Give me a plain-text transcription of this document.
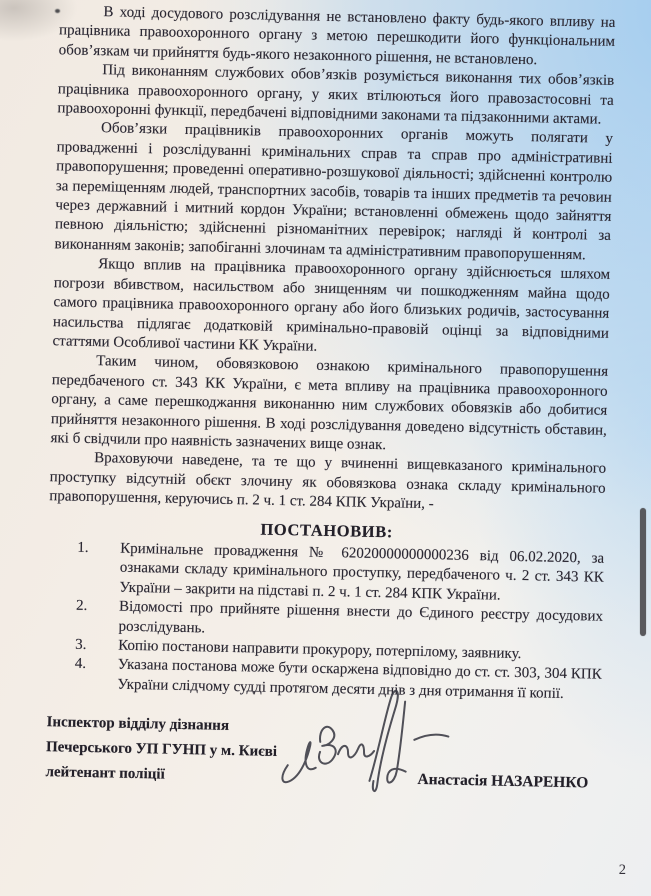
В ході досудового розслідування не встановлено факту будь-якого впливу на працівника правоохоронного органу з метою перешкодити його функціональним обов’язкам чи прийняття будь-якого незаконного рішення, не встановлено.

Під виконанням службових обов’язків розуміється виконання тих обов’язків працівника правоохоронного органу, у яких втілюються його правозастосовні та правоохоронні функції, передбачені відповідними законами та підзаконними актами.

Обов’язки працівників правоохоронних органів можуть полягати у провадженні і розслідуванні кримінальних справ та справ про адміністративні правопорушення; проведенні оперативно-розшукової діяльності; здійсненні контролю за переміщенням людей, транспортних засобів, товарів та інших предметів та речовин через державний і митний кордон України; встановленні обмежень щодо зайняття певною діяльністю; здійсненні різноманітних перевірок; нагляді й контролі за виконанням законів; запобіганні злочинам та адміністративним правопорушенням.

Якщо вплив на працівника правоохоронного органу здійснюється шляхом погрози вбивством, насильством або знищенням чи пошкодженням майна щодо самого працівника правоохоронного органу або його близьких родичів, застосування насильства підлягає додатковій кримінально-правовій оцінці за відповідними статтями Особливої частини КК України.

Таким чином, обовязковою ознакою кримінального правопорушення передбаченого ст. 343 КК України, є мета впливу на працівника правоохоронного органу, а саме перешкоджання виконанню ним службових обовязків або добитися прийняття незаконного рішення. В ході розслідування доведено відсутність обставин, які б свідчили про наявність зазначених вище ознак.

Враховуючи наведене, та те що у вчиненні вищевказаного кримінального проступку відсутній обєкт злочину як обовязкова ознака складу кримінального правопорушення, керуючись п. 2 ч. 1 ст. 284 КПК України, -

ПОСТАНОВИВ:
1.	Кримінальне провадження № 62020000000000236 від 06.02.2020, за ознаками складу кримінального проступку, передбаченого ч. 2 ст. 343 КК України – закрити на підставі п. 2 ч. 1 ст. 284 КПК України.
2.	Відомості про прийняте рішення внести до Єдиного реєстру досудових розслідувань.
3.	Копію постанови направити прокурору, потерпілому, заявнику.
4.	Указана постанова може бути оскаржена відповідно до ст. ст. 303, 304 КПК України слідчому судді протягом десяти днів з дня отримання її копії.
Інспектор відділу дізнання
Печерського УП ГУНП у м. Києві
лейтенант поліції	Анастасія НАЗАРЕНКО
2
